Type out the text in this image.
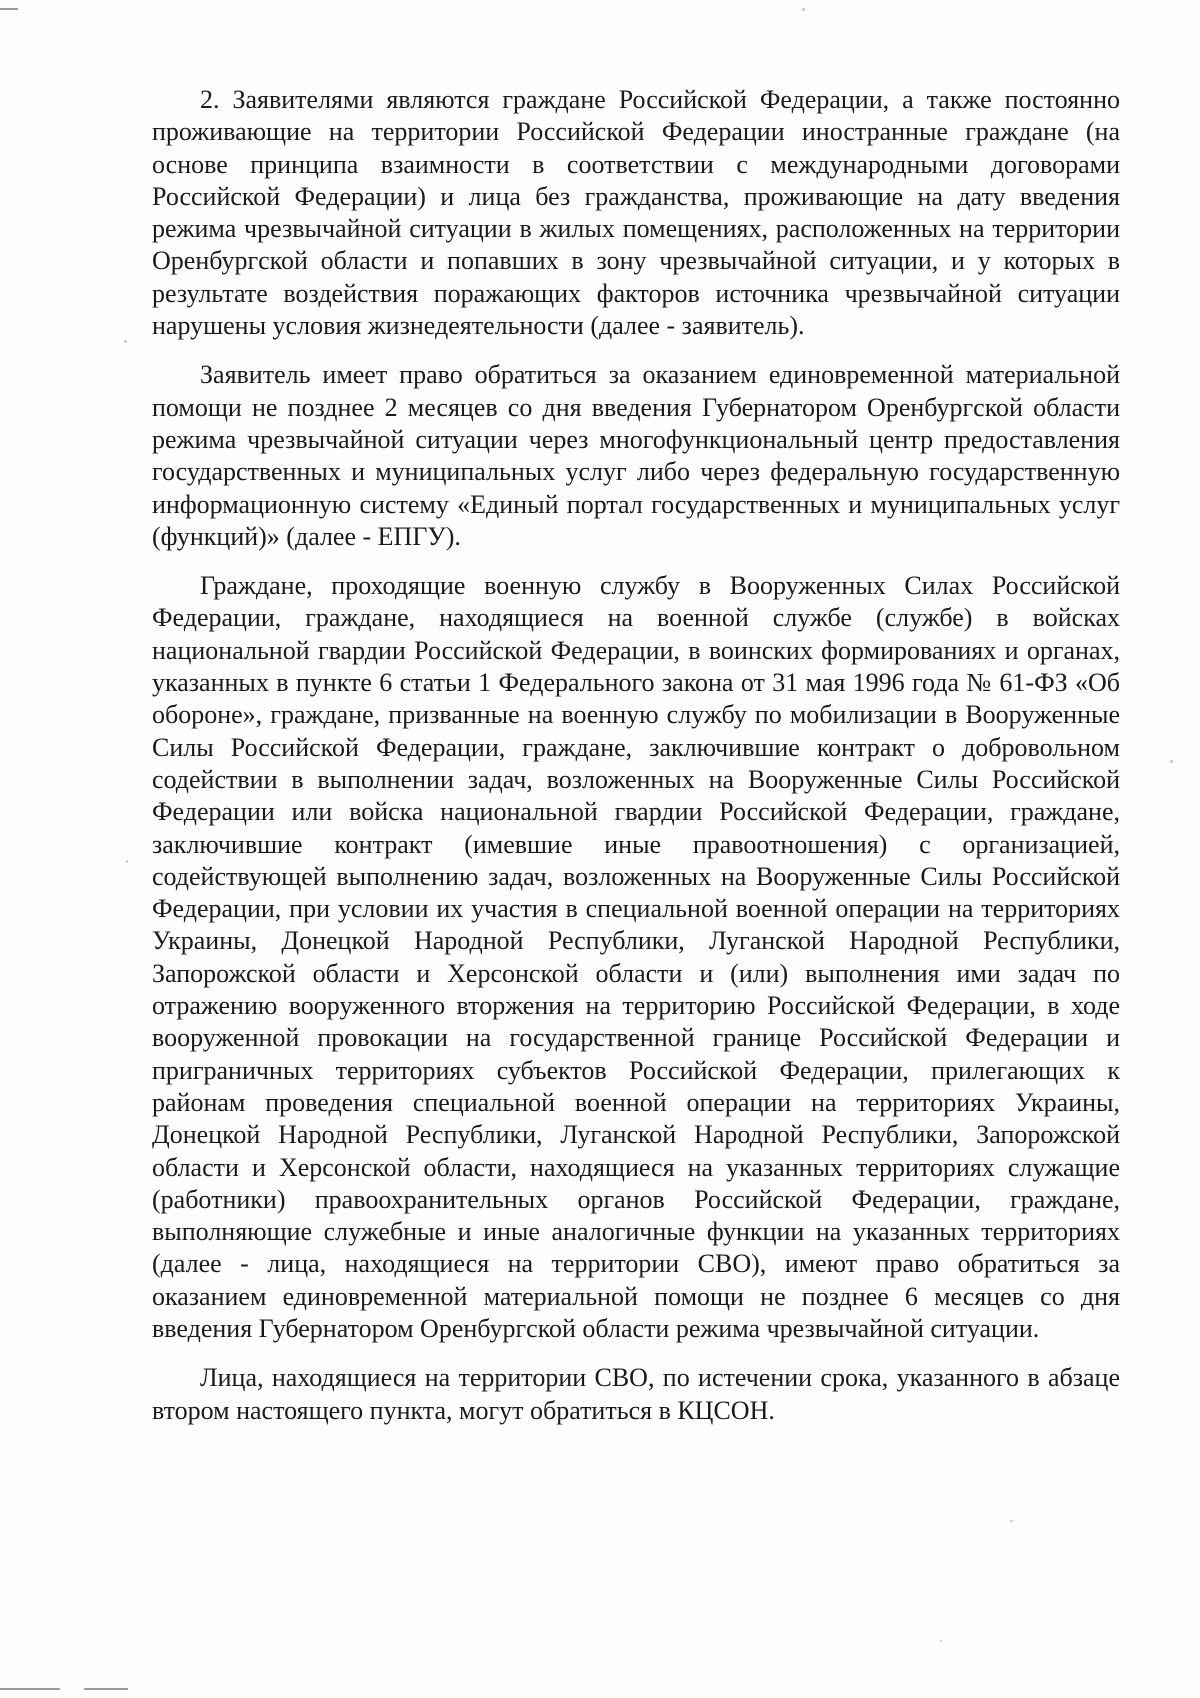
2. Заявителями являются граждане Российской Федерации, а также постоянно проживающие на территории Российской Федерации иностранные граждане (на основе принципа взаимности в соответствии с международными договорами Российской Федерации) и лица без гражданства, проживающие на дату введения режима чрезвычайной ситуации в жилых помещениях, расположенных на территории Оренбургской области и попавших в зону чрезвычайной ситуации, и у которых в результате воздействия поражающих факторов источника чрезвычайной ситуации нарушены условия жизнедеятельности (далее - заявитель).

Заявитель имеет право обратиться за оказанием единовременной материальной помощи не позднее 2 месяцев со дня введения Губернатором Оренбургской области режима чрезвычайной ситуации через многофункциональный центр предоставления государственных и муниципальных услуг либо через федеральную государственную информационную систему «Единый портал государственных и муниципальных услуг (функций)» (далее - ЕПГУ).

Граждане, проходящие военную службу в Вооруженных Силах Российской Федерации, граждане, находящиеся на военной службе (службе) в войсках национальной гвардии Российской Федерации, в воинских формированиях и органах, указанных в пункте 6 статьи 1 Федерального закона от 31 мая 1996 года № 61-ФЗ «Об обороне», граждане, призванные на военную службу по мобилизации в Вооруженные Силы Российской Федерации, граждане, заключившие контракт о добровольном содействии в выполнении задач, возложенных на Вооруженные Силы Российской Федерации или войска национальной гвардии Российской Федерации, граждане, заключившие контракт (имевшие иные правоотношения) с организацией, содействующей выполнению задач, возложенных на Вооруженные Силы Российской Федерации, при условии их участия в специальной военной операции на территориях Украины, Донецкой Народной Республики, Луганской Народной Республики, Запорожской области и Херсонской области и (или) выполнения ими задач по отражению вооруженного вторжения на территорию Российской Федерации, в ходе вооруженной провокации на государственной границе Российской Федерации и приграничных территориях субъектов Российской Федерации, прилегающих к районам проведения специальной военной операции на территориях Украины, Донецкой Народной Республики, Луганской Народной Республики, Запорожской области и Херсонской области, находящиеся на указанных территориях служащие (работники) правоохранительных органов Российской Федерации, граждане, выполняющие служебные и иные аналогичные функции на указанных территориях (далее - лица, находящиеся на территории СВО), имеют право обратиться за оказанием единовременной материальной помощи не позднее 6 месяцев со дня введения Губернатором Оренбургской области режима чрезвычайной ситуации.

Лица, находящиеся на территории СВО, по истечении срока, указанного в абзаце втором настоящего пункта, могут обратиться в КЦСОН.
